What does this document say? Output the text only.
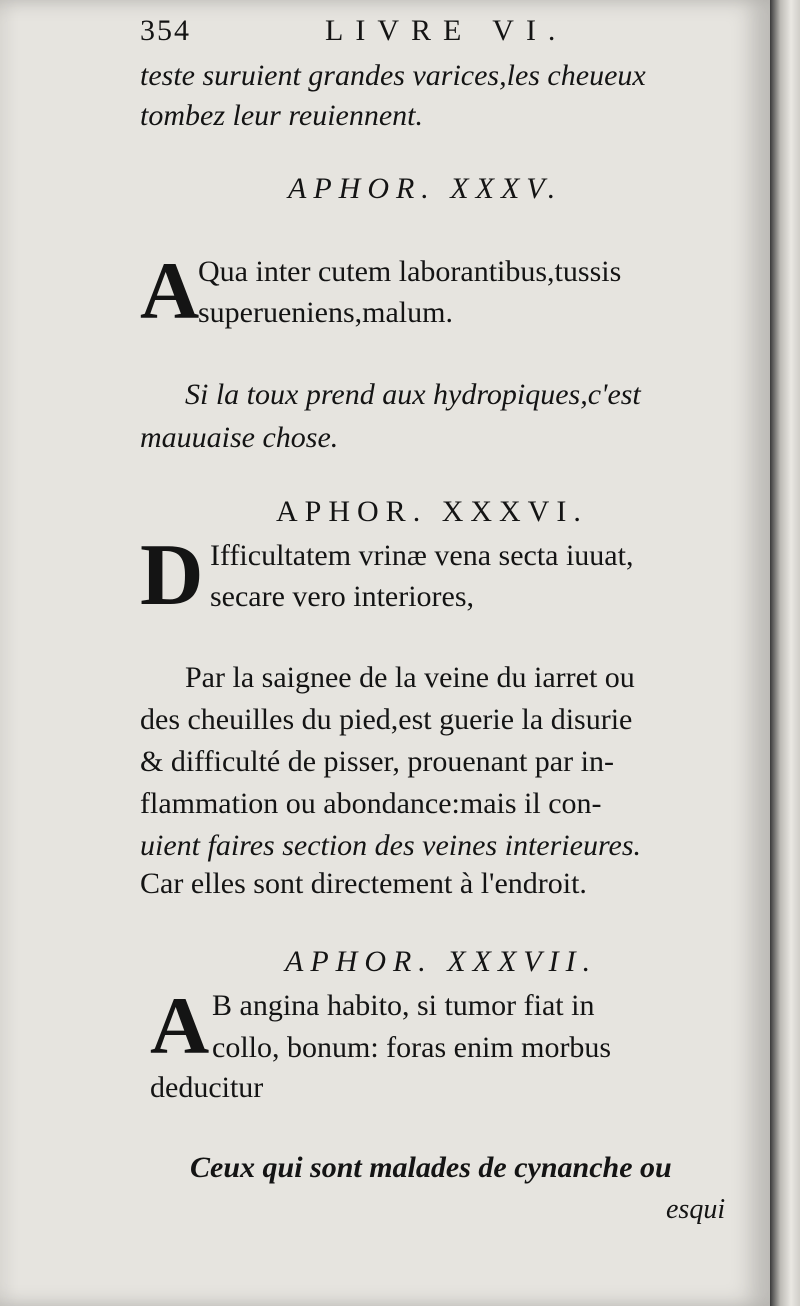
354	LIVRE VI.
teste suruient grandes varices,les cheueux
tombez leur reuiennent.
APHOR. XXXV.
A
Qua inter cutem laborantibus,tussis
superueniens,malum.
Si la toux prend aux hydropiques,c'est
mauuaise chose.
APHOR. XXXVI.
D Ifficultatem vrinæ vena secta iuuat,
secare vero interiores,
Par la saignee de la veine du iarret ou
des cheuilles du pied,est guerie la disurie
& difficulté de pisser, prouenant par in-
flammation ou abondance:mais il con-
uient faires section des veines interieures.
Car elles sont directement à l'endroit.
APHOR. XXXVII.
A B angina habito, si tumor fiat in
collo, bonum: foras enim morbus
deducitur
Ceux qui sont malades de cynanche ou
esqui
